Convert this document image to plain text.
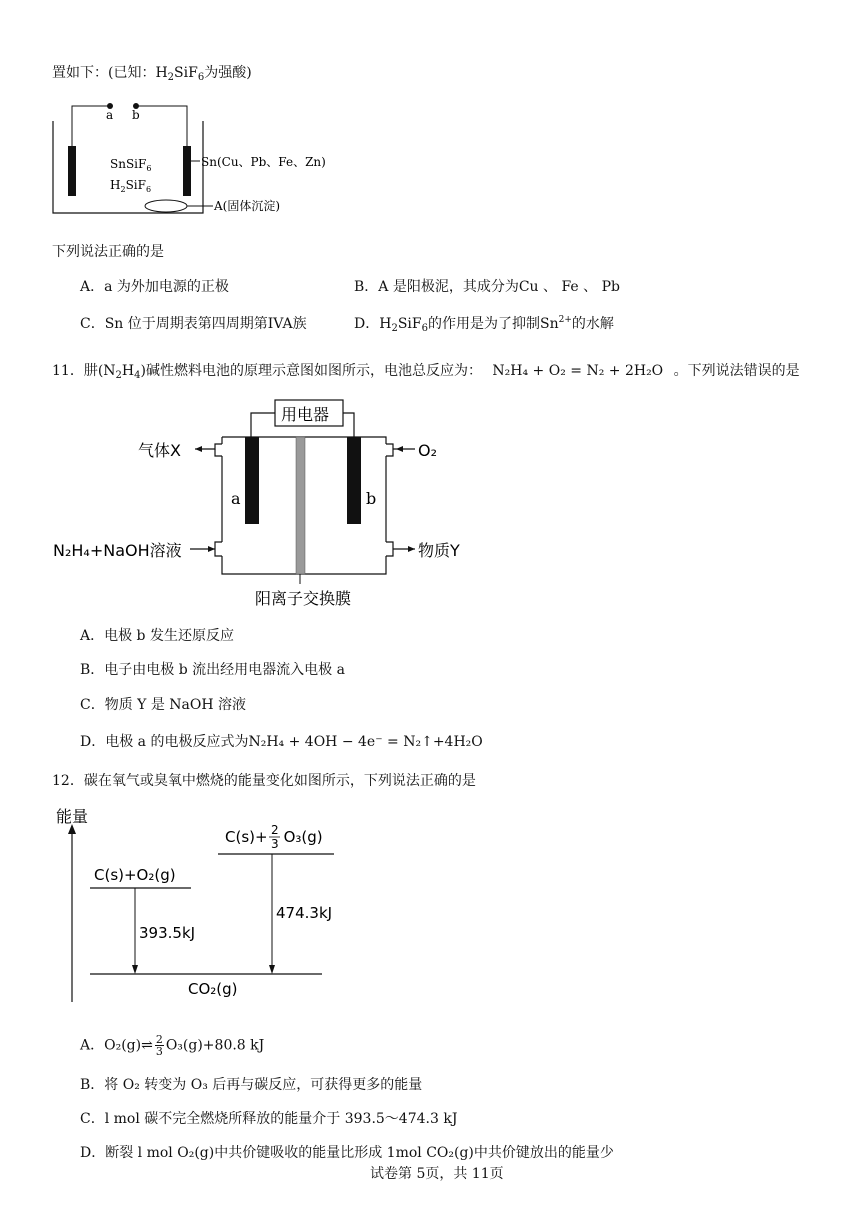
置如下：(已知：$H_2SiF_6$为强酸)
a b
SnSiF$_6$
$H_2SiF_6$
Sn(Cu、Pb、Fe、Zn)
A(固体沉淀)
下列说法正确的是
A．a 为外加电源的正极	B．A 是阳极泥，其成分为Cu 、 Fe 、 Pb
C．Sn 位于周期表第四周期第IVA族	D．$H_2SiF_6$的作用是为了抑制$Sn^{2+}$的水解
11．肼$(N_2H_4)$碱性燃料电池的原理示意图如图所示，电池总反应为： N₂H₄ + O₂ = N₂ + 2H₂O 。下列说法错误的是
用电器
a	b
气体X	O₂
N₂H₄+NaOH溶液	物质Y
阳离子交换膜
A．电极 b 发生还原反应
B．电子由电极 b 流出经用电器流入电极 a
C．物质 Y 是 NaOH 溶液
D．电极 a 的电极反应式为N₂H₄ + 4OH − 4e⁻ = N₂↑+4H₂O
12．碳在氧气或臭氧中燃烧的能量变化如图所示，下列说法正确的是
能量
C(s)+ O₃(g)
2
3
C(s)+O₂(g)
CO₂(g)
393.5kJ
474.3kJ
A．O₂(g)⇌ $\frac{2}{3} O_3(g)+80.8$ kJ
B．将 O₂ 转变为 O₃ 后再与碳反应，可获得更多的能量
C．l mol 碳不完全燃烧所释放的能量介于 393.5～474.3 kJ
D．断裂 l mol O₂(g)中共价键吸收的能量比形成 1mol CO₂(g)中共价键放出的能量少
试卷第 5页，共 11页
